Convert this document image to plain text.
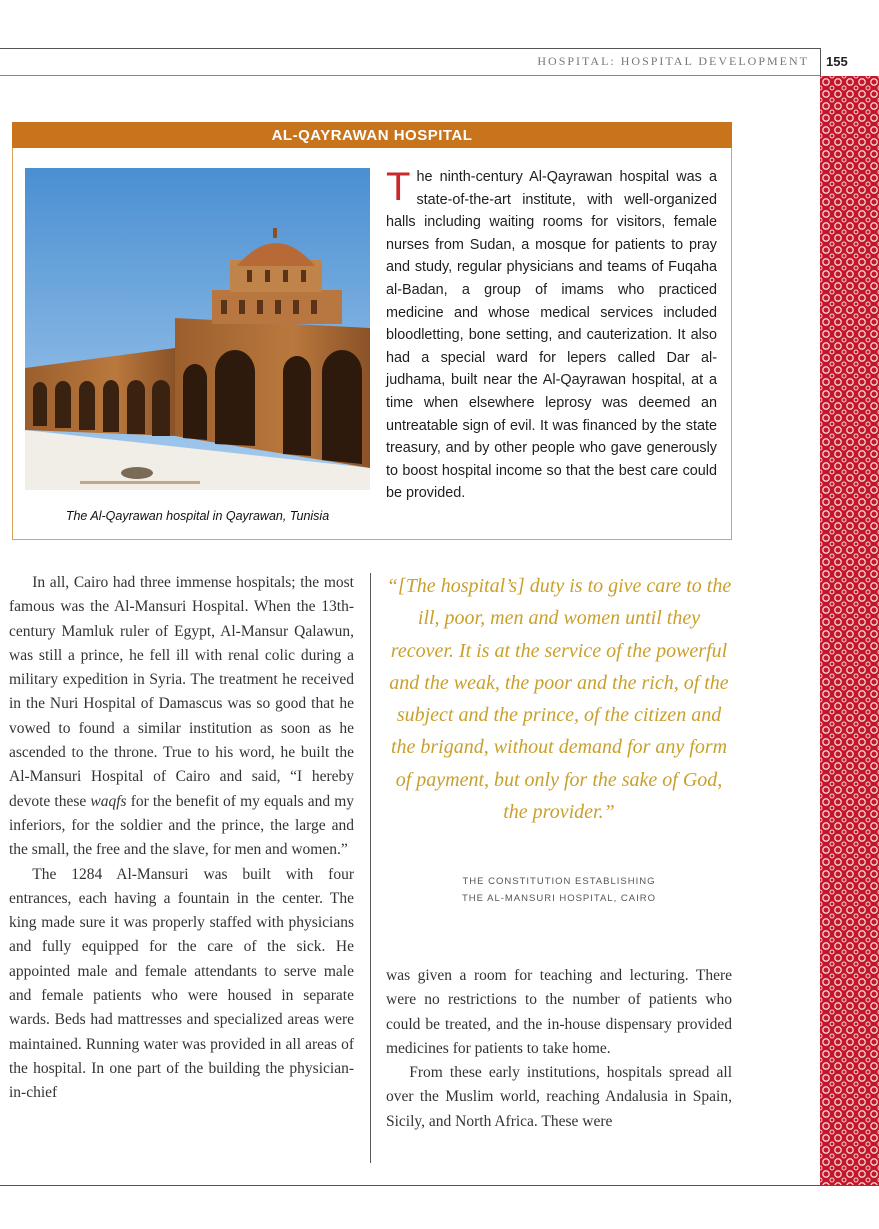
HOSPITAL: HOSPITAL DEVELOPMENT 155
AL-QAYRAWAN HOSPITAL
The Al-Qayrawan hospital in Qayrawan, Tunisia

The ninth-century Al-Qayrawan hospital was a state-of-the-art institute, with well-organized halls including waiting rooms for visitors, female nurses from Sudan, a mosque for patients to pray and study, regular physicians and teams of Fuqaha al-Badan, a group of imams who practiced medicine and whose medical services included bloodletting, bone setting, and cauterization. It also had a special ward for lepers called Dar al-judhama, built near the Al-Qayrawan hospital, at a time when elsewhere leprosy was deemed an untreatable sign of evil. It was financed by the state treasury, and by other people who gave generously to boost hospital income so that the best care could be provided.

In all, Cairo had three immense hospitals; the most famous was the Al-Mansuri Hospital. When the 13th-century Mamluk ruler of Egypt, Al-Mansur Qalawun, was still a prince, he fell ill with renal colic during a military expedition in Syria. The treatment he received in the Nuri Hospital of Damascus was so good that he vowed to found a similar institution as soon as he ascended to the throne. True to his word, he built the Al-Mansuri Hospital of Cairo and said, “I hereby devote these waqfs for the benefit of my equals and my inferiors, for the soldier and the prince, the large and the small, the free and the slave, for men and women.”

The 1284 Al-Mansuri was built with four entrances, each having a fountain in the center. The king made sure it was properly staffed with physicians and fully equipped for the care of the sick. He appointed male and female attendants to serve male and female patients who were housed in separate wards. Beds had mattresses and specialized areas were maintained. Running water was provided in all areas of the hospital. In one part of the building the physician-in-chief

“[The hospital’s] duty is to give care to the ill, poor, men and women until they recover. It is at the service of the powerful and the weak, the poor and the rich, of the subject and the prince, of the citizen and the brigand, without demand for any form of payment, but only for the sake of God, the provider.”

THE CONSTITUTION ESTABLISHING
THE AL-MANSURI HOSPITAL, CAIRO

was given a room for teaching and lecturing. There were no restrictions to the number of patients who could be treated, and the in-house dispensary provided medicines for patients to take home.

From these early institutions, hospitals spread all over the Muslim world, reaching Andalusia in Spain, Sicily, and North Africa. These were
